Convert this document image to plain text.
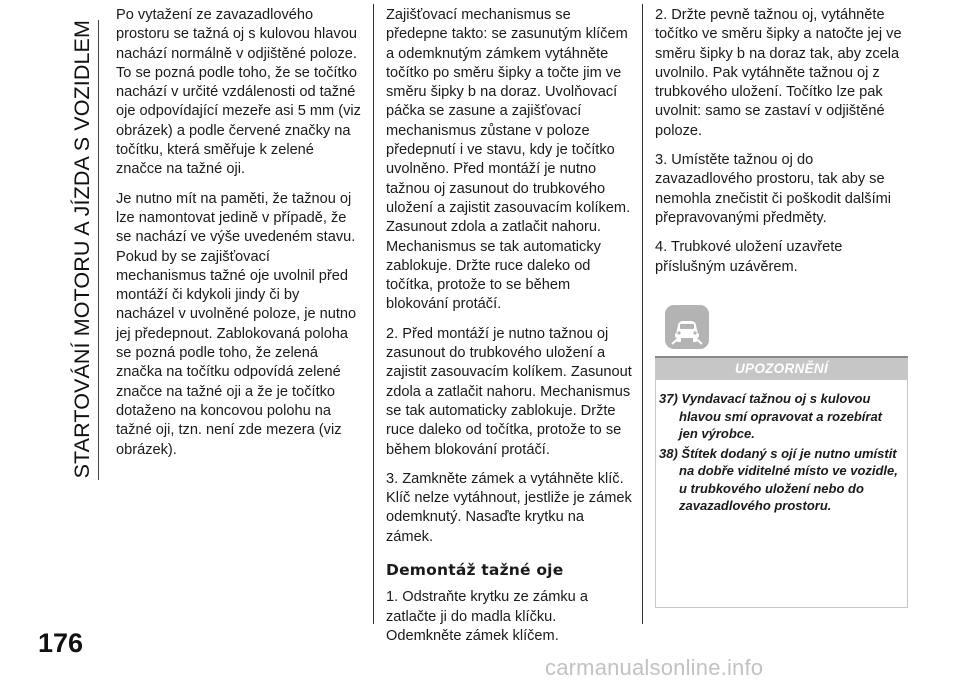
STARTOVÁNÍ MOTORU A JÍZDA S VOZIDLEM

Po vytažení ze zavazadlového prostoru se tažná oj s kulovou hlavou nachází normálně v odjištěné poloze. To se pozná podle toho, že se točítko nachází v určité vzdálenosti od tažné oje odpovídající mezeře asi 5 mm (viz obrázek) a podle červené značky na točítku, která směřuje k zelené značce na tažné oji.

Je nutno mít na paměti, že tažnou oj lze namontovat jedině v případě, že se nachází ve výše uvedeném stavu. Pokud by se zajišťovací mechanismus tažné oje uvolnil před montáží či kdykoli jindy či by nacházel v uvolněné poloze, je nutno jej předepnout. Zablokovaná poloha se pozná podle toho, že zelená značka na točítku odpovídá zelené značce na tažné oji a že je točítko dotaženo na koncovou polohu na tažné oji, tzn. není zde mezera (viz obrázek).

Zajišťovací mechanismus se předepne takto: se zasunutým klíčem a odemknutým zámkem vytáhněte točítko po směru šipky a točte jim ve směru šipky b na doraz. Uvolňovací páčka se zasune a zajišťovací mechanismus zůstane v poloze předepnutí i ve stavu, kdy je točítko uvolněno. Před montáží je nutno tažnou oj zasunout do trubkového uložení a zajistit zasouvacím kolíkem. Zasunout zdola a zatlačit nahoru. Mechanismus se tak automaticky zablokuje. Držte ruce daleko od točítka, protože to se během blokování protáčí.

2. Před montáží je nutno tažnou oj zasunout do trubkového uložení a zajistit zasouvacím kolíkem. Zasunout zdola a zatlačit nahoru. Mechanismus se tak automaticky zablokuje. Držte ruce daleko od točítka, protože to se během blokování protáčí.

3. Zamkněte zámek a vytáhněte klíč. Klíč nelze vytáhnout, jestliže je zámek odemknutý. Nasaďte krytku na zámek.

Demontáž tažné oje

1. Odstraňte krytku ze zámku a zatlačte ji do madla klíčku. Odemkněte zámek klíčem.

2. Držte pevně tažnou oj, vytáhněte točítko ve směru šipky a natočte jej ve směru šipky b na doraz tak, aby zcela uvolnilo. Pak vytáhněte tažnou oj z trubkového uložení. Točítko lze pak uvolnit: samo se zastaví v odjištěné poloze.

3. Umístěte tažnou oj do zavazadlového prostoru, tak aby se nemohla znečistit či poškodit dalšími přepravovanými předměty.

4. Trubkové uložení uzavřete příslušným uzávěrem.

UPOZORNĚNÍ
37) Vyndavací tažnou oj s kulovou hlavou smí opravovat a rozebírat jen výrobce.
38) Štítek dodaný s ojí je nutno umístit na dobře viditelné místo ve vozidle, u trubkového uložení nebo do zavazadlového prostoru.
176
carmanualsonline.info
